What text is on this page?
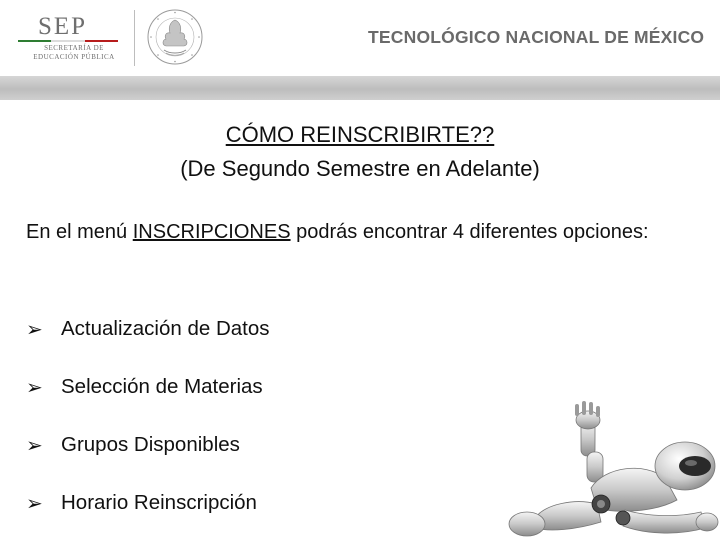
SEP
SECRETARÍA DE
EDUCACIÓN PÚBLICA
TECNOLÓGICO NACIONAL DE MÉXICO
CÓMO REINSCRIBIRTE??
(De Segundo Semestre en Adelante)
En el menú INSCRIPCIONES podrás encontrar 4 diferentes opciones:
➢ Actualización de Datos
➢ Selección de Materias
➢ Grupos Disponibles
➢ Horario Reinscripción
